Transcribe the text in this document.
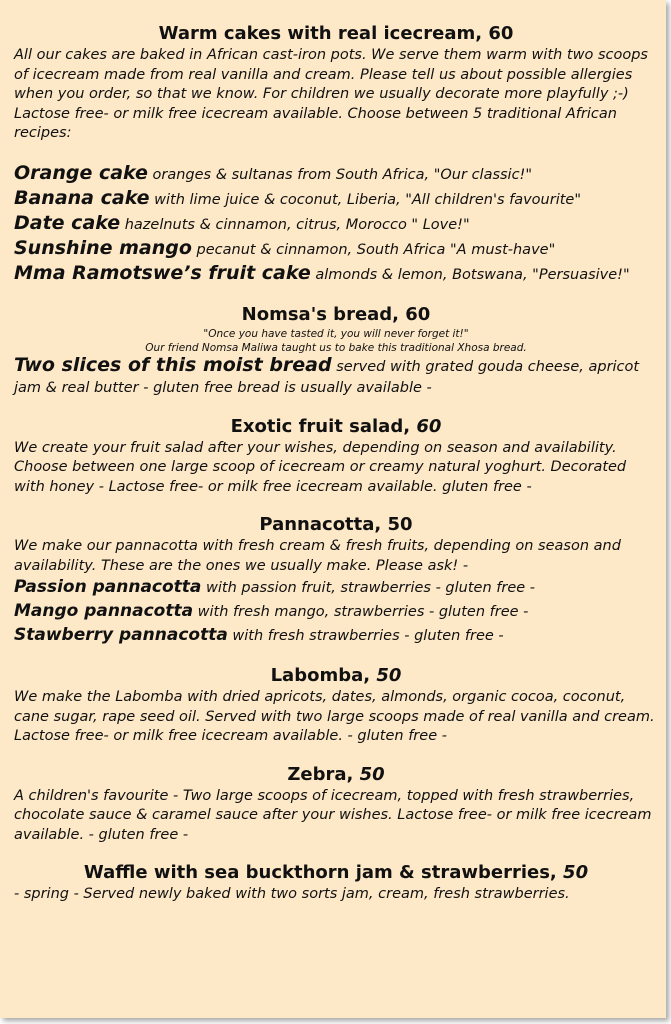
Warm cakes with real icecream, 60

All our cakes are baked in African cast-iron pots. We serve them warm with two scoops of icecream made from real vanilla and cream. Please tell us about possible allergies when you order, so that we know. For children we usually decorate more playfully ;-) Lactose free- or milk free icecream available. Choose between 5 traditional African recipes:

Orange cake oranges & sultanas from South Africa, "Our classic!"

Banana cake with lime juice & coconut, Liberia, "All children's favourite"

Date cake hazelnuts & cinnamon, citrus, Morocco " Love!"

Sunshine mango pecanut & cinnamon, South Africa "A must-have"

Mma Ramotswe’s fruit cake almonds & lemon, Botswana, "Persuasive!"

Nomsa's bread, 60

"Once you have tasted it, you will never forget it!"

Our friend Nomsa Maliwa taught us to bake this traditional Xhosa bread.

Two slices of this moist bread served with grated gouda cheese, apricot jam & real butter - gluten free bread is usually available -

Exotic fruit salad, 60

We create your fruit salad after your wishes, depending on season and availability. Choose between one large scoop of icecream or creamy natural yoghurt. Decorated with honey - Lactose free- or milk free icecream available. gluten free -

Pannacotta, 50

We make our pannacotta with fresh cream & fresh fruits, depending on season and availability. These are the ones we usually make. Please ask! -

Passion pannacotta with passion fruit, strawberries - gluten free -

Mango pannacotta with fresh mango, strawberries - gluten free -

Stawberry pannacotta with fresh strawberries - gluten free -

Labomba, 50

We make the Labomba with dried apricots, dates, almonds, organic cocoa, coconut, cane sugar, rape seed oil. Served with two large scoops made of real vanilla and cream. Lactose free- or milk free icecream available. - gluten free -

Zebra, 50

A children's favourite - Two large scoops of icecream, topped with fresh strawberries, chocolate sauce & caramel sauce after your wishes. Lactose free- or milk free icecream available. - gluten free -

Waffle with sea buckthorn jam & strawberries, 50

- spring - Served newly baked with two sorts jam, cream, fresh strawberries.
